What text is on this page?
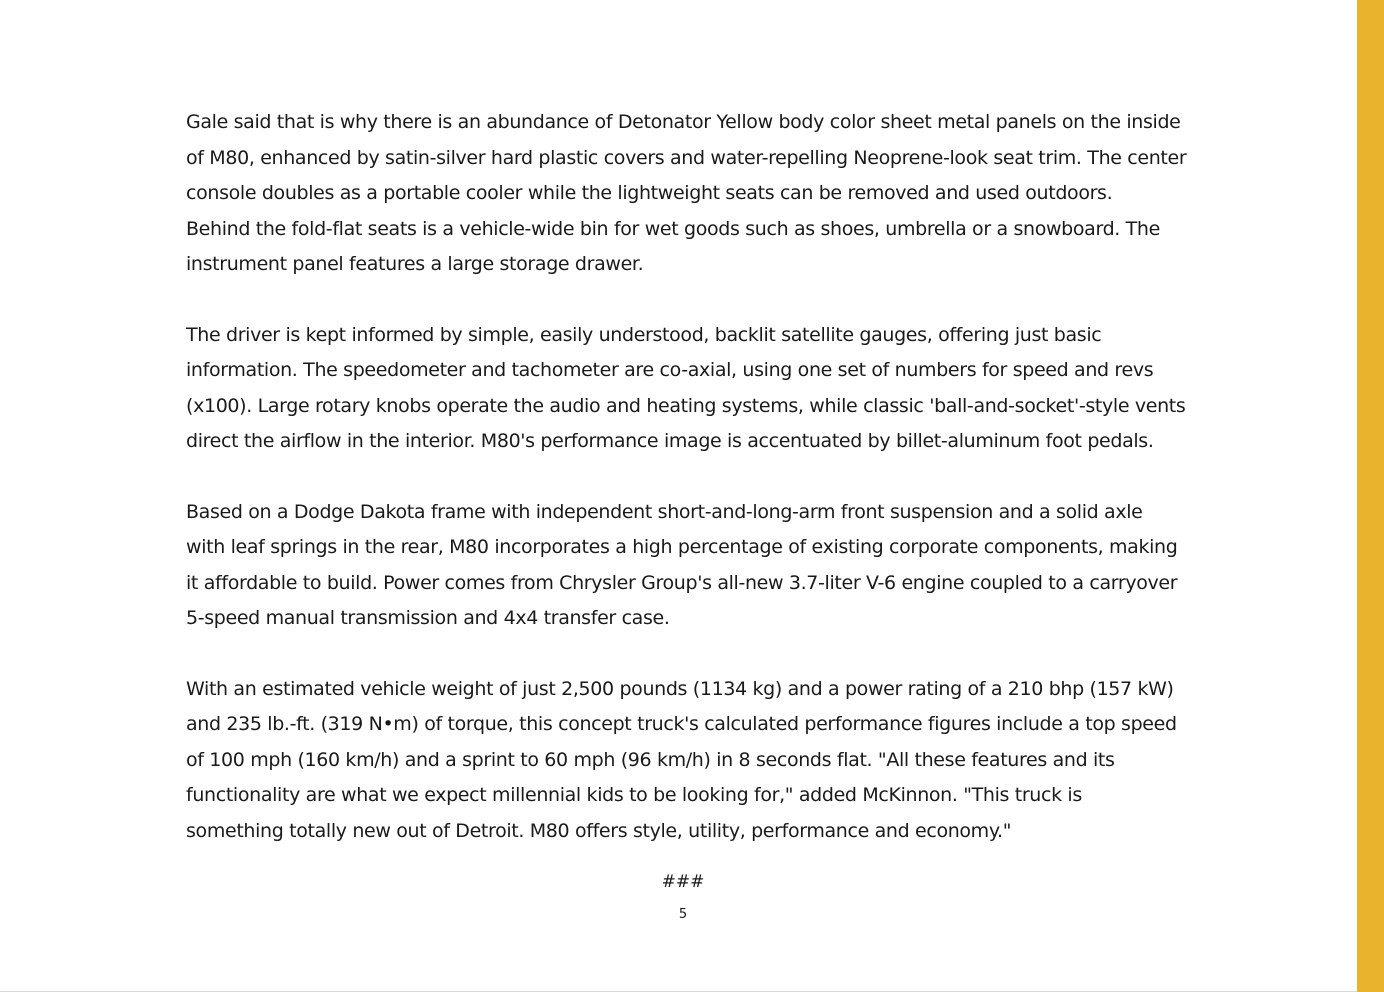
Gale said that is why there is an abundance of Detonator Yellow body color sheet metal panels on the inside
of M80, enhanced by satin-silver hard plastic covers and water-repelling Neoprene-look seat trim. The center
console doubles as a portable cooler while the lightweight seats can be removed and used outdoors.
Behind the fold-flat seats is a vehicle-wide bin for wet goods such as shoes, umbrella or a snowboard. The
instrument panel features a large storage drawer.

The driver is kept informed by simple, easily understood, backlit satellite gauges, offering just basic
information. The speedometer and tachometer are co-axial, using one set of numbers for speed and revs
(x100). Large rotary knobs operate the audio and heating systems, while classic 'ball-and-socket'-style vents
direct the airflow in the interior. M80's performance image is accentuated by billet-aluminum foot pedals.

Based on a Dodge Dakota frame with independent short-and-long-arm front suspension and a solid axle
with leaf springs in the rear, M80 incorporates a high percentage of existing corporate components, making
it affordable to build. Power comes from Chrysler Group's all-new 3.7-liter V-6 engine coupled to a carryover
5-speed manual transmission and 4x4 transfer case.

With an estimated vehicle weight of just 2,500 pounds (1134 kg) and a power rating of a 210 bhp (157 kW)
and 235 lb.-ft. (319 N•m) of torque, this concept truck's calculated performance figures include a top speed
of 100 mph (160 km/h) and a sprint to 60 mph (96 km/h) in 8 seconds flat. "All these features and its
functionality are what we expect millennial kids to be looking for," added McKinnon. "This truck is
something totally new out of Detroit. M80 offers style, utility, performance and economy."

###
5
